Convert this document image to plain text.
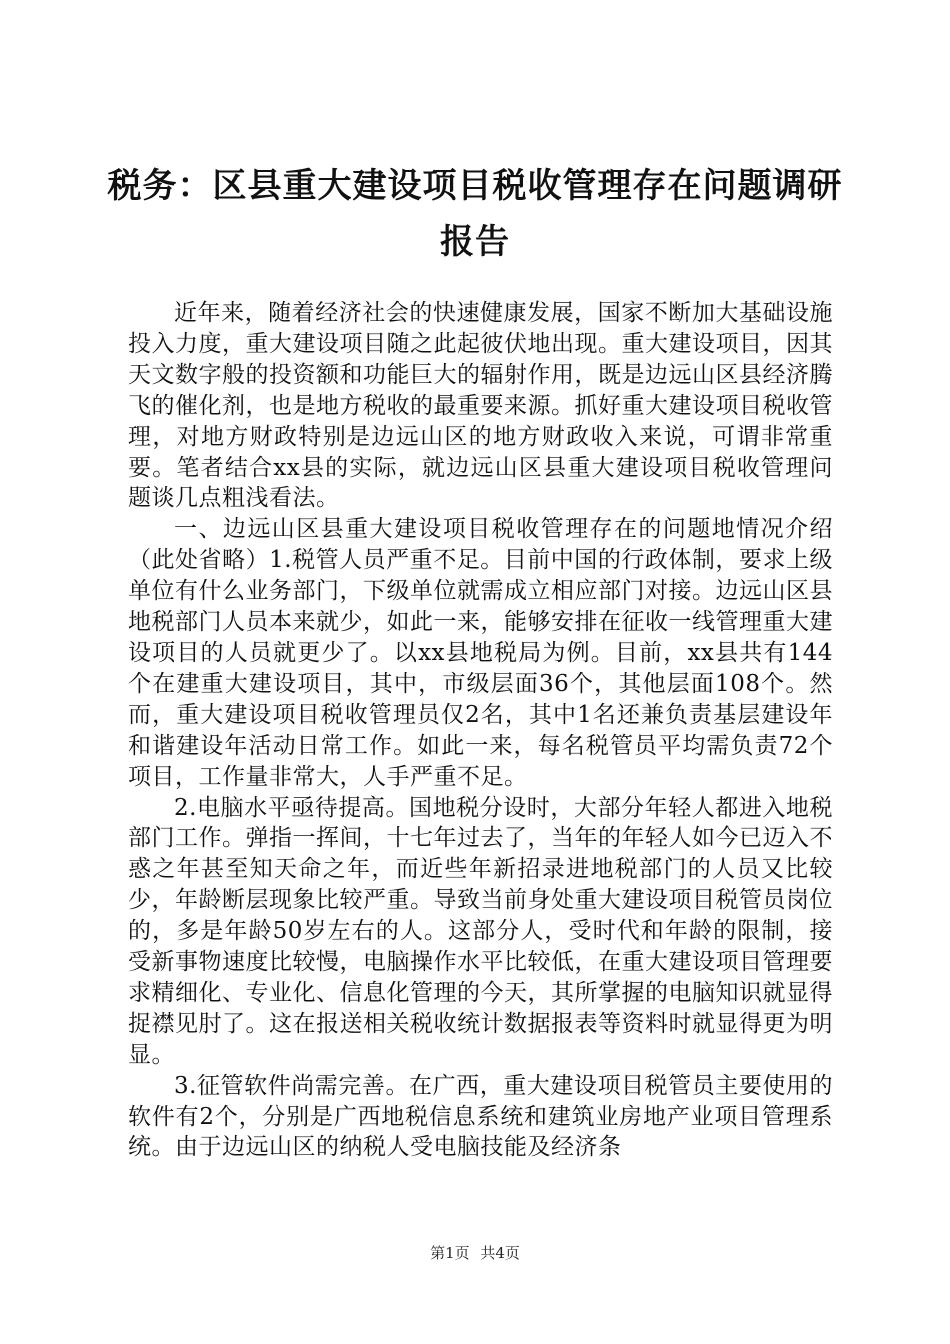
税务：区县重大建设项目税收管理存在问题调研报告

近年来，随着经济社会的快速健康发展，国家不断加大基础设施投入力度，重大建设项目随之此起彼伏地出现。重大建设项目，因其天文数字般的投资额和功能巨大的辐射作用，既是边远山区县经济腾飞的催化剂，也是地方税收的最重要来源。抓好重大建设项目税收管理，对地方财政特别是边远山区的地方财政收入来说，可谓非常重要。笔者结合xx县的实际，就边远山区县重大建设项目税收管理问题谈几点粗浅看法。

一、边远山区县重大建设项目税收管理存在的问题地情况介绍（此处省略）1.税管人员严重不足。目前中国的行政体制，要求上级单位有什么业务部门，下级单位就需成立相应部门对接。边远山区县地税部门人员本来就少，如此一来，能够安排在征收一线管理重大建设项目的人员就更少了。以xx县地税局为例。目前，xx县共有144个在建重大建设项目，其中，市级层面36个，其他层面108个。然而，重大建设项目税收管理员仅2名，其中1名还兼负责基层建设年和谐建设年活动日常工作。如此一来，每名税管员平均需负责72个项目，工作量非常大，人手严重不足。

2.电脑水平亟待提高。国地税分设时，大部分年轻人都进入地税部门工作。弹指一挥间，十七年过去了，当年的年轻人如今已迈入不惑之年甚至知天命之年，而近些年新招录进地税部门的人员又比较少，年龄断层现象比较严重。导致当前身处重大建设项目税管员岗位的，多是年龄50岁左右的人。这部分人，受时代和年龄的限制，接受新事物速度比较慢，电脑操作水平比较低，在重大建设项目管理要求精细化、专业化、信息化管理的今天，其所掌握的电脑知识就显得捉襟见肘了。这在报送相关税收统计数据报表等资料时就显得更为明显。

3.征管软件尚需完善。在广西，重大建设项目税管员主要使用的软件有2个，分别是广西地税信息系统和建筑业房地产业项目管理系统。由于边远山区的纳税人受电脑技能及经济条

第1页 共4页
